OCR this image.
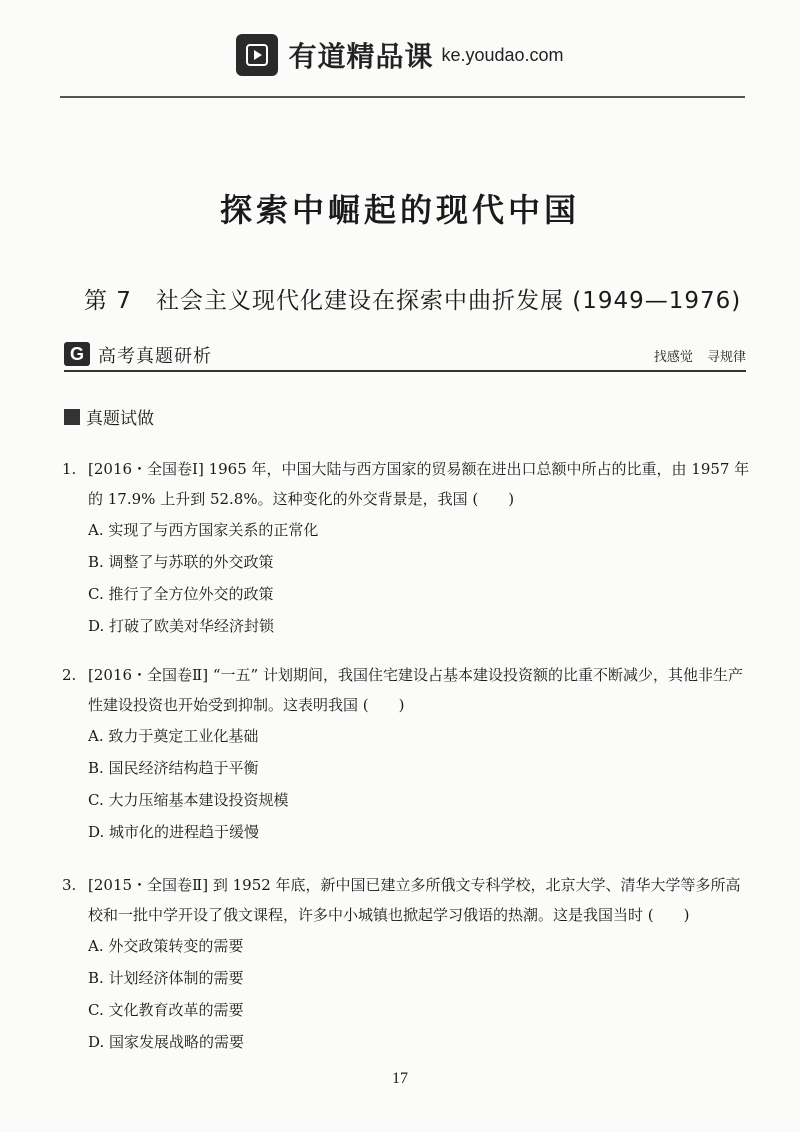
有道精品课 ke.youdao.com
探索中崛起的现代中国
第 7　社会主义现代化建设在探索中曲折发展 (1949—1976)
G 高考真题研析	找感觉 寻规律
真题试做
1. [2016・全国卷Ⅰ] 1965 年，中国大陆与西方国家的贸易额在进出口总额中所占的比重，由 1957 年的 17.9% 上升到 52.8%。这种变化的外交背景是，我国 (　　)
A. 实现了与西方国家关系的正常化
B. 调整了与苏联的外交政策
C. 推行了全方位外交的政策
D. 打破了欧美对华经济封锁
2. [2016・全国卷Ⅱ] “一五” 计划期间，我国住宅建设占基本建设投资额的比重不断减少，其他非生产性建设投资也开始受到抑制。这表明我国 (　　)
A. 致力于奠定工业化基础
B. 国民经济结构趋于平衡
C. 大力压缩基本建设投资规模
D. 城市化的进程趋于缓慢
3. [2015・全国卷Ⅱ] 到 1952 年底，新中国已建立多所俄文专科学校，北京大学、清华大学等多所高校和一批中学开设了俄文课程，许多中小城镇也掀起学习俄语的热潮。这是我国当时 (　　)
A. 外交政策转变的需要
B. 计划经济体制的需要
C. 文化教育改革的需要
D. 国家发展战略的需要
17
